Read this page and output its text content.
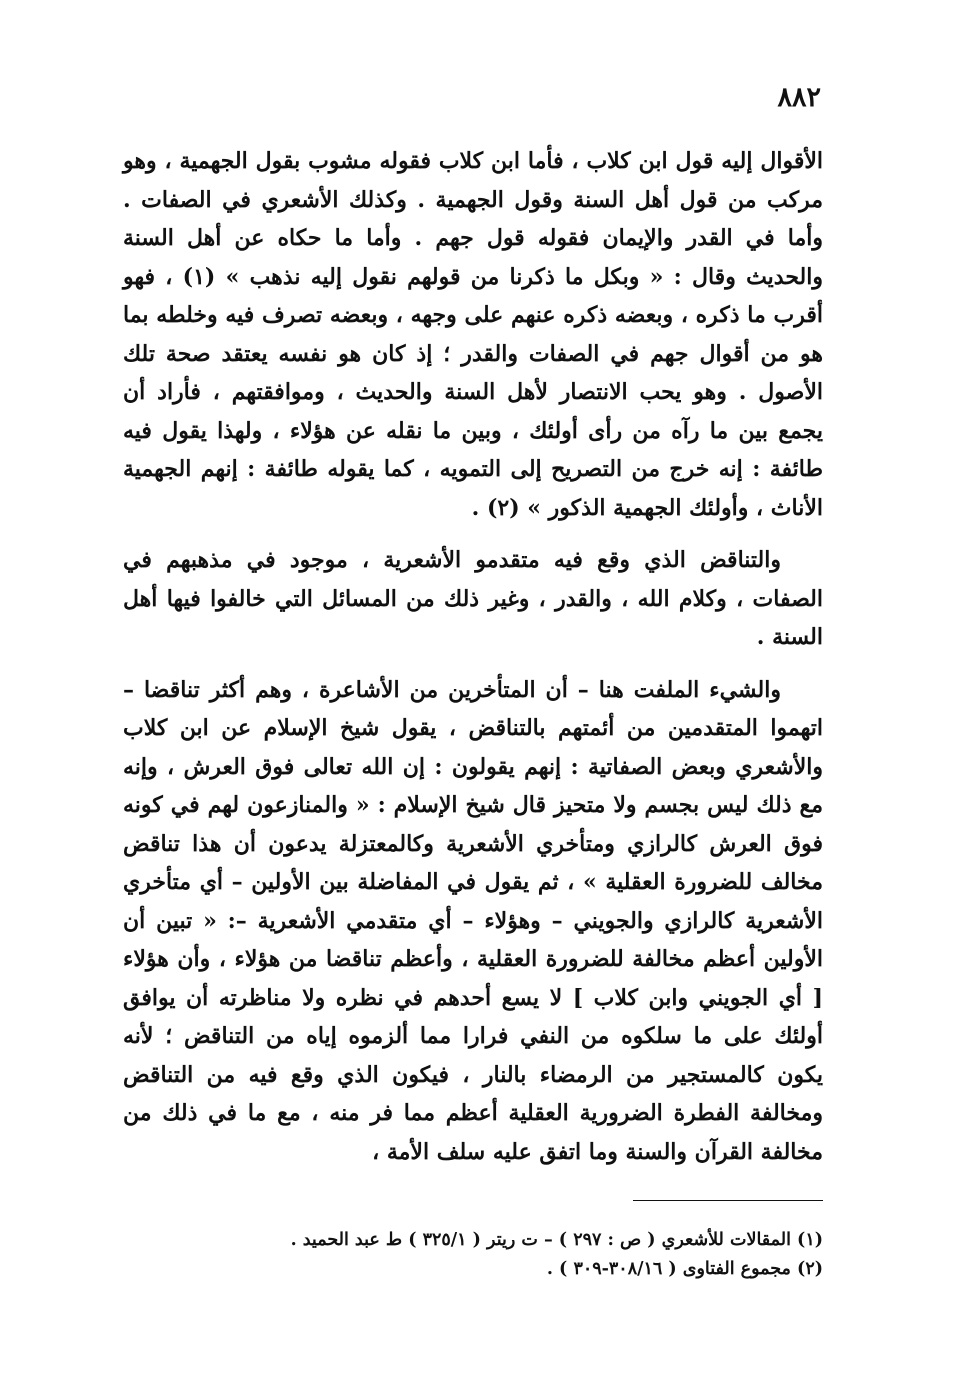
٨٨٢

الأقوال إليه قول ابن كلاب ، فأما ابن كلاب فقوله مشوب بقول الجهمية ، وهو مركب من قول أهل السنة وقول الجهمية . وكذلك الأشعري في الصفات . وأما في القدر والإيمان فقوله قول جهم . وأما ما حكاه عن أهل السنة والحديث وقال : « وبكل ما ذكرنا من قولهم نقول إليه نذهب » (١) ، فهو أقرب ما ذكره ، وبعضه ذكره عنهم على وجهه ، وبعضه تصرف فيه وخلطه بما هو من أقوال جهم في الصفات والقدر ؛ إذ كان هو نفسه يعتقد صحة تلك الأصول . وهو يحب الانتصار لأهل السنة والحديث ، وموافقتهم ، فأراد أن يجمع بين ما رآه من رأى أولئك ، وبين ما نقله عن هؤلاء ، ولهذا يقول فيه طائفة : إنه خرج من التصريح إلى التمويه ، كما يقوله طائفة : إنهم الجهمية الأناث ، وأولئك الجهمية الذكور » (٢) .

والتناقض الذي وقع فيه متقدمو الأشعرية ، موجود في مذهبهم في الصفات ، وكلام الله ، والقدر ، وغير ذلك من المسائل التي خالفوا فيها أهل السنة .

والشيء الملفت هنا – أن المتأخرين من الأشاعرة ، وهم أكثر تناقضا – اتهموا المتقدمين من أئمتهم بالتناقض ، يقول شيخ الإسلام عن ابن كلاب والأشعري وبعض الصفاتية : إنهم يقولون : إن الله تعالى فوق العرش ، وإنه مع ذلك ليس بجسم ولا متحيز قال شيخ الإسلام : « والمنازعون لهم في كونه فوق العرش كالرازي ومتأخري الأشعرية وكالمعتزلة يدعون أن هذا تناقض مخالف للضرورة العقلية » ، ثم يقول في المفاضلة بين الأولين – أي متأخري الأشعرية كالرازي والجويني – وهؤلاء – أي متقدمي الأشعرية –: « تبين أن الأولين أعظم مخالفة للضرورة العقلية ، وأعظم تناقضا من هؤلاء ، وأن هؤلاء [ أي الجويني وابن كلاب ] لا يسع أحدهم في نظره ولا مناظرته أن يوافق أولئك على ما سلكوه من النفي فرارا مما ألزموه إياه من التناقض ؛ لأنه يكون كالمستجير من الرمضاء بالنار ، فيكون الذي وقع فيه من التناقض ومخالفة الفطرة الضرورية العقلية أعظم مما فر منه ، مع ما في ذلك من مخالفة القرآن والسنة وما اتفق عليه سلف الأمة ،

(١) المقالات للأشعري ( ص : ٢٩٧ ) – ت ريتر ( ٣٢٥/١ ) ط عبد الحميد .

(٢) مجموع الفتاوى ( ٣٠٨/١٦-٣٠٩ ) .
